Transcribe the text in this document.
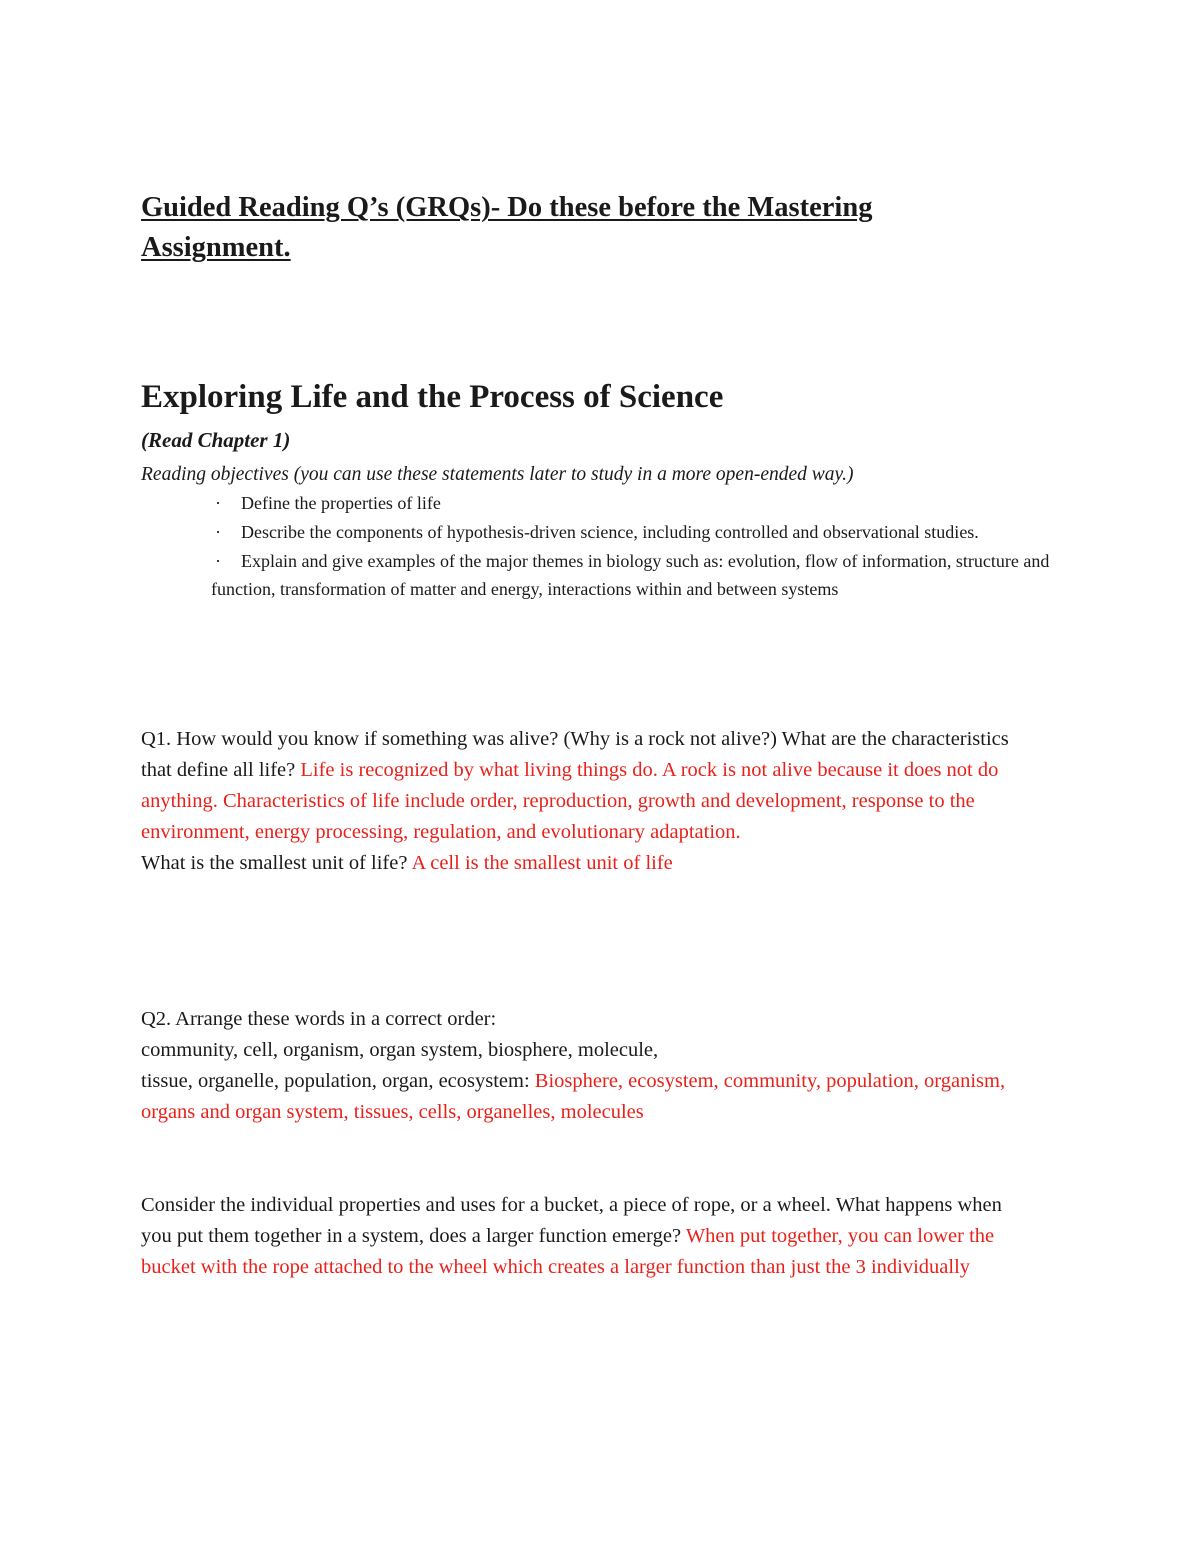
Guided Reading Q’s (GRQs)- Do these before the Mastering Assignment.
Exploring Life and the Process of Science
(Read Chapter 1)
Reading objectives (you can use these statements later to study in a more open-ended way.)
· Define the properties of life
· Describe the components of hypothesis-driven science, including controlled and observational studies.
· Explain and give examples of the major themes in biology such as: evolution, flow of information, structure and function, transformation of matter and energy, interactions within and between systems
Q1. How would you know if something was alive? (Why is a rock not alive?) What are the characteristics that define all life? Life is recognized by what living things do. A rock is not alive because it does not do anything. Characteristics of life include order, reproduction, growth and development, response to the environment, energy processing, regulation, and evolutionary adaptation.
What is the smallest unit of life? A cell is the smallest unit of life
Q2. Arrange these words in a correct order:
community, cell, organism, organ system, biosphere, molecule,
tissue, organelle, population, organ, ecosystem: Biosphere, ecosystem, community, population, organism, organs and organ system, tissues, cells, organelles, molecules
Consider the individual properties and uses for a bucket, a piece of rope, or a wheel. What happens when you put them together in a system, does a larger function emerge? When put together, you can lower the bucket with the rope attached to the wheel which creates a larger function than just the 3 individually
